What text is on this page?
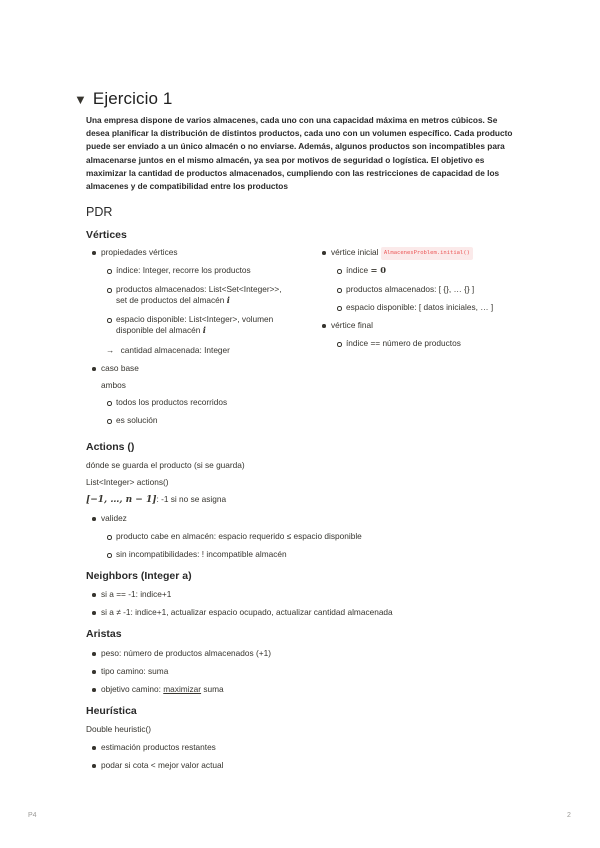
▼ Ejercicio 1
Una empresa dispone de varios almacenes, cada uno con una capacidad máxima en metros cúbicos. Se desea planificar la distribución de distintos productos, cada uno con un volumen específico. Cada producto puede ser enviado a un único almacén o no enviarse. Además, algunos productos son incompatibles para almacenarse juntos en el mismo almacén, ya sea por motivos de seguridad o logística. El objetivo es maximizar la cantidad de productos almacenados, cumpliendo con las restricciones de capacidad de los almacenes y de compatibilidad entre los productos
PDR
Vértices
propiedades vértices
índice: Integer, recorre los productos
productos almacenados: List<Set<Integer>>,
set de productos del almacén i
espacio disponible: List<Integer>, volumen
disponible del almacén i
→ cantidad almacenada: Integer
caso base
ambos
todos los productos recorridos
es solución
vértice inicial AlmacenesProblem.initial()
índice = 0
productos almacenados: [ {}, … {} ]
espacio disponible: [ datos iniciales, … ]
vértice final
índice == número de productos
Actions ()
dónde se guarda el producto (si se guarda)
List<Integer> actions()
[−1, …, n − 1]: -1 si no se asigna
validez
producto cabe en almacén: espacio requerido ≤ espacio disponible
sin incompatibilidades: ! incompatible almacén
Neighbors (Integer a)
si a == -1: indice+1
si a ≠ -1: indice+1, actualizar espacio ocupado, actualizar cantidad almacenada
Aristas
peso: número de productos almacenados (+1)
tipo camino: suma
objetivo camino: maximizar suma
Heurística
Double heuristic()
estimación productos restantes
podar si cota < mejor valor actual
P4	2
